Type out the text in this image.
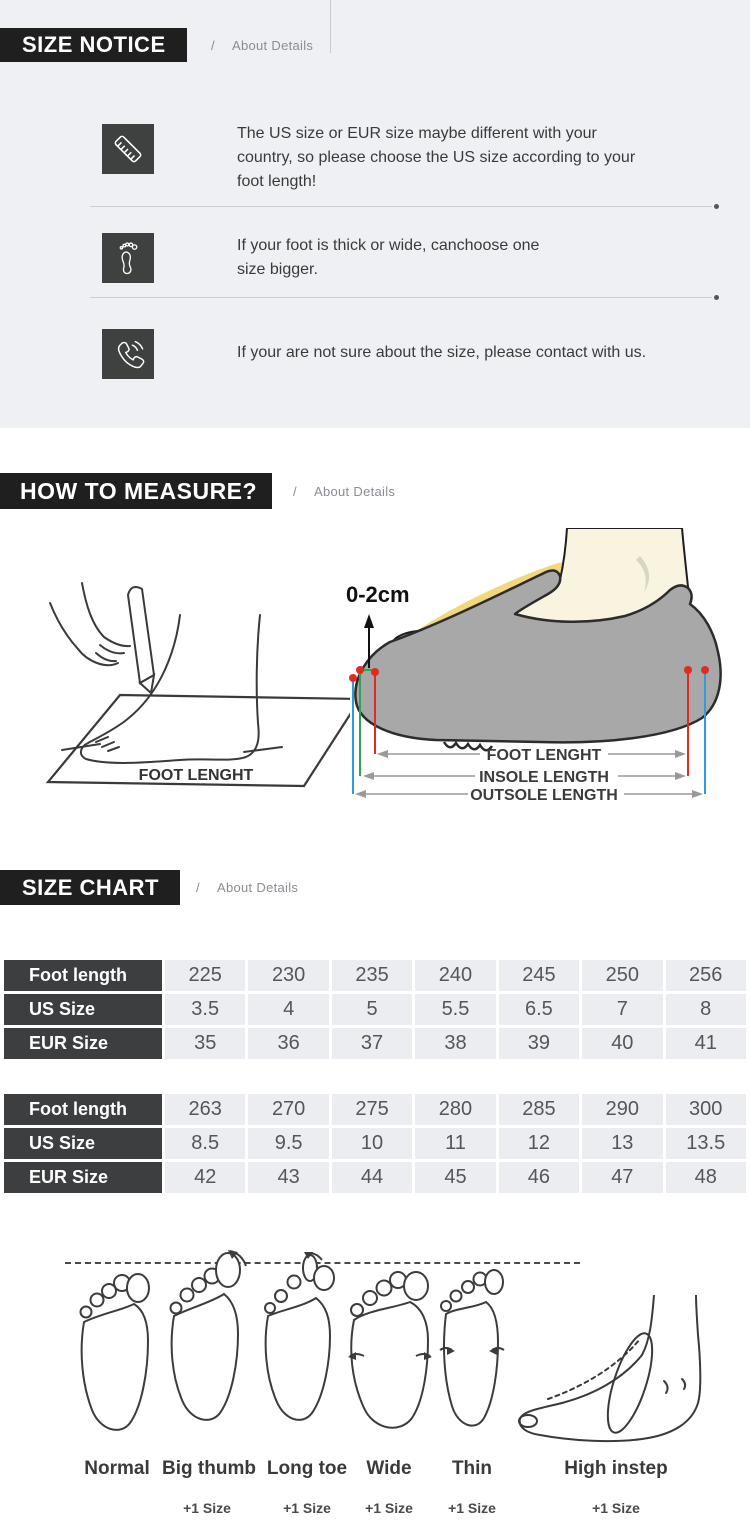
SIZE NOTICE	/ About Details
The US size or EUR size maybe different with your country, so please choose the US size according to your foot length!
If your foot is thick or wide, canchoose one size bigger.
If your are not sure about the size, please contact with us.
HOW TO MEASURE?	/ About Details
FOOT LENGHT
0-2cm
FOOT LENGHT
INSOLE LENGTH
OUTSOLE LENGTH
SIZE CHART	/ About Details
Foot length	225	230	235	240	245	250	256
US Size	3.5	4	5	5.5	6.5	7	8
EUR Size	35	36	37	38	39	40	41
Foot length	263	270	275	280	285	290	300
US Size	8.5	9.5	10	11	12	13	13.5
EUR Size	42	43	44	45	46	47	48
Normal Big thumb Long toe Wide Thin	High instep
+1 Size	+1 Size +1 Size	+1 Size	+1 Size
